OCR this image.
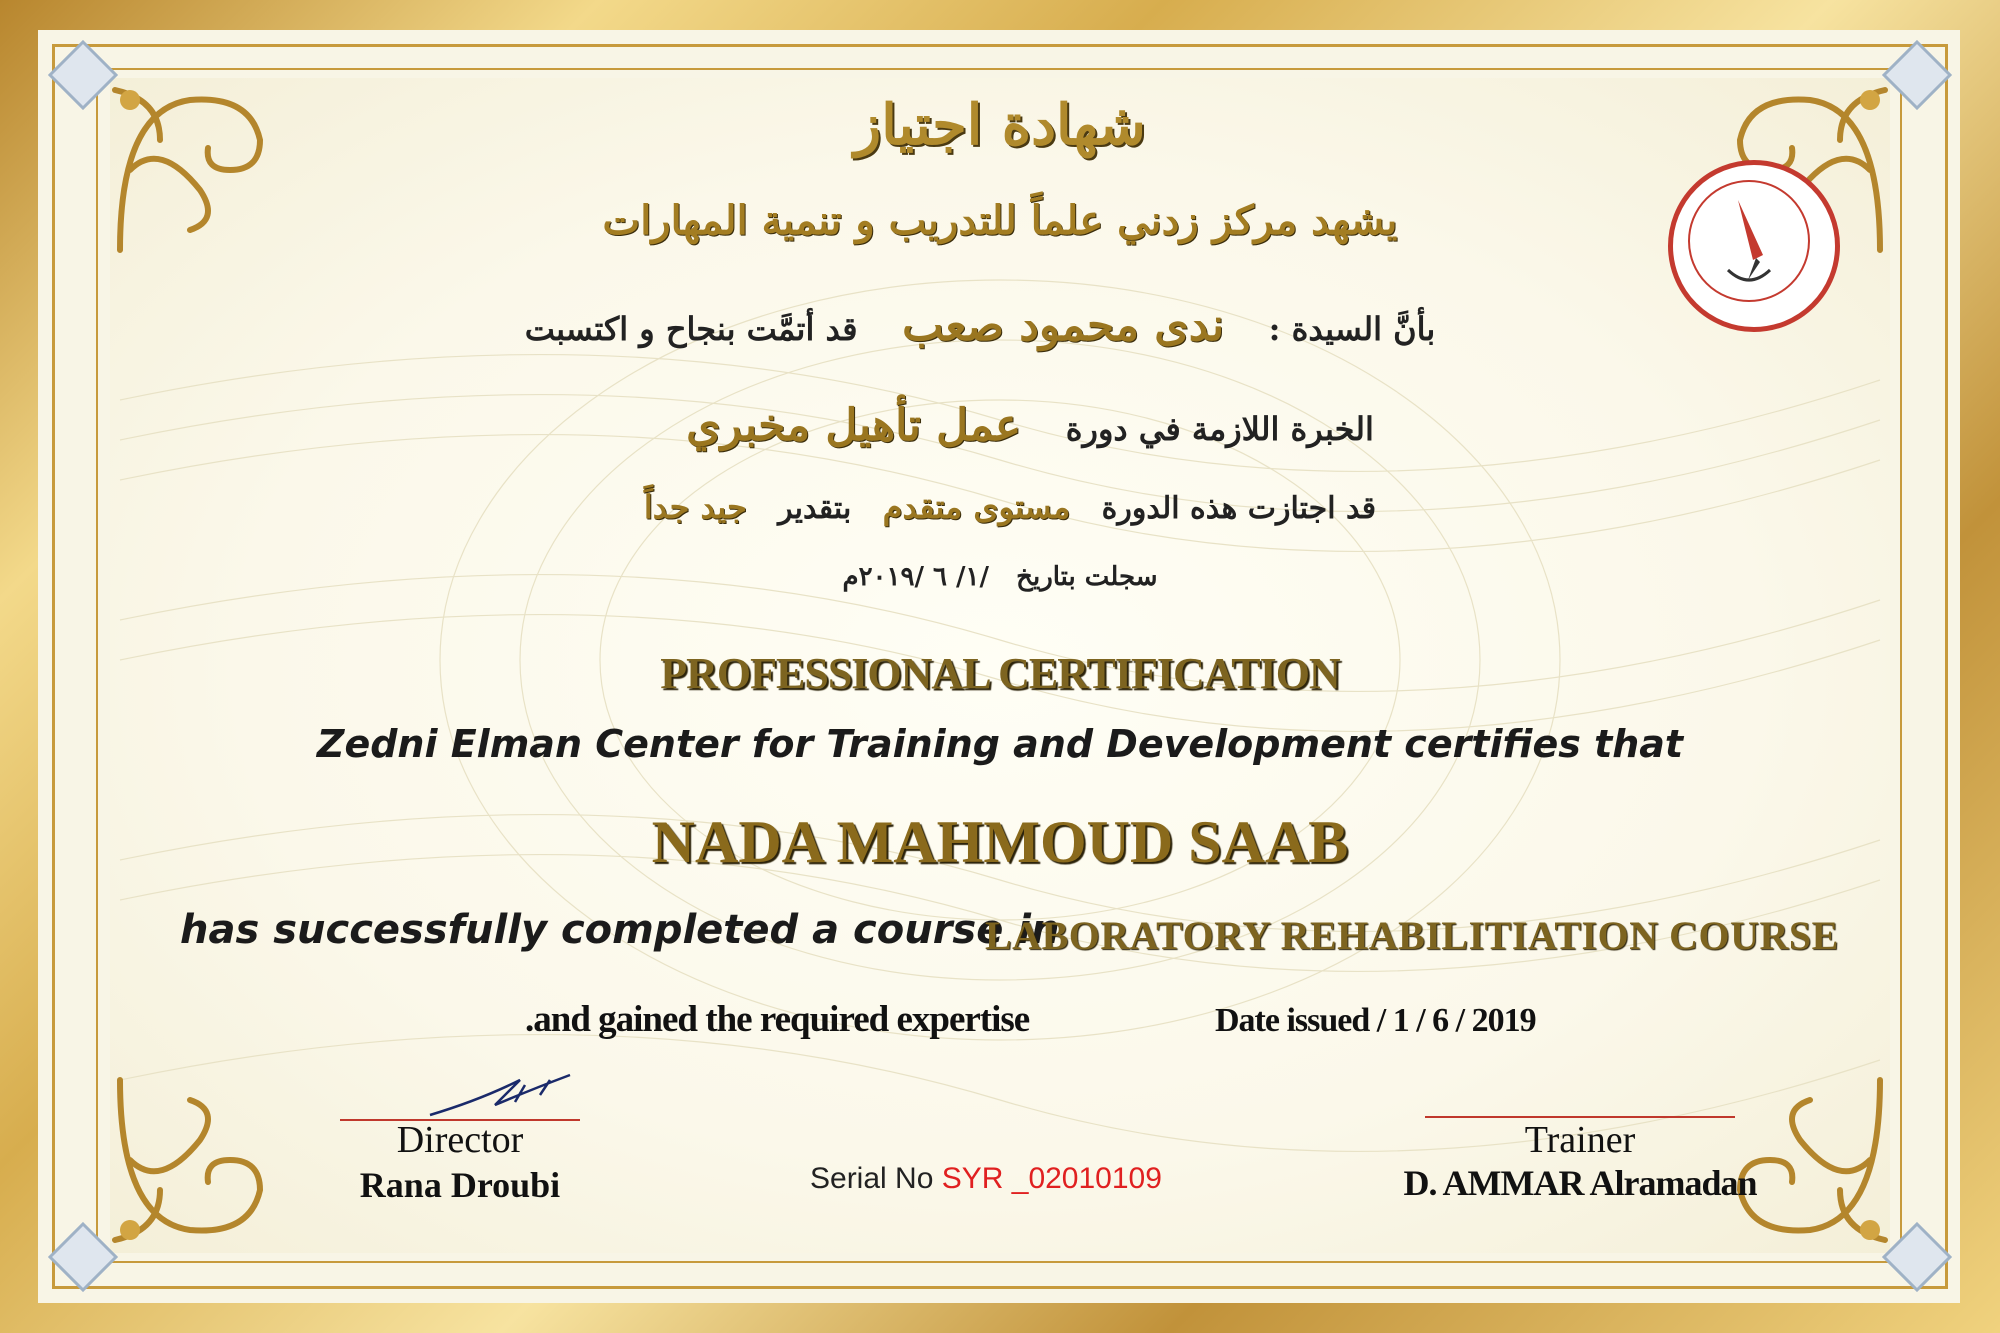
شهادة اجتياز
يشهد مركز زدني علماً للتدريب و تنمية المهارات
بأنَّ السيدة :    ندى محمود صعب    قد أتمَّت بنجاح و اكتسبت
الخبرة اللازمة في دورة    عمل تأهيل مخبري
قد اجتازت هذه الدورة   مستوى متقدم   بتقدير   جيد جداً
سجلت بتاريخ   /١/ ٦ /٢٠١٩م
PROFESSIONAL CERTIFICATION
Zedni Elman Center for Training and Development certifies that
NADA MAHMOUD SAAB
has successfully completed a course in
LABORATORY REHABILITIATION COURSE
.and gained the required expertise	Date issued / 1 / 6 / 2019
Director
Rana Droubi
Trainer
D. AMMAR Alramadan
Serial No SYR _02010109
